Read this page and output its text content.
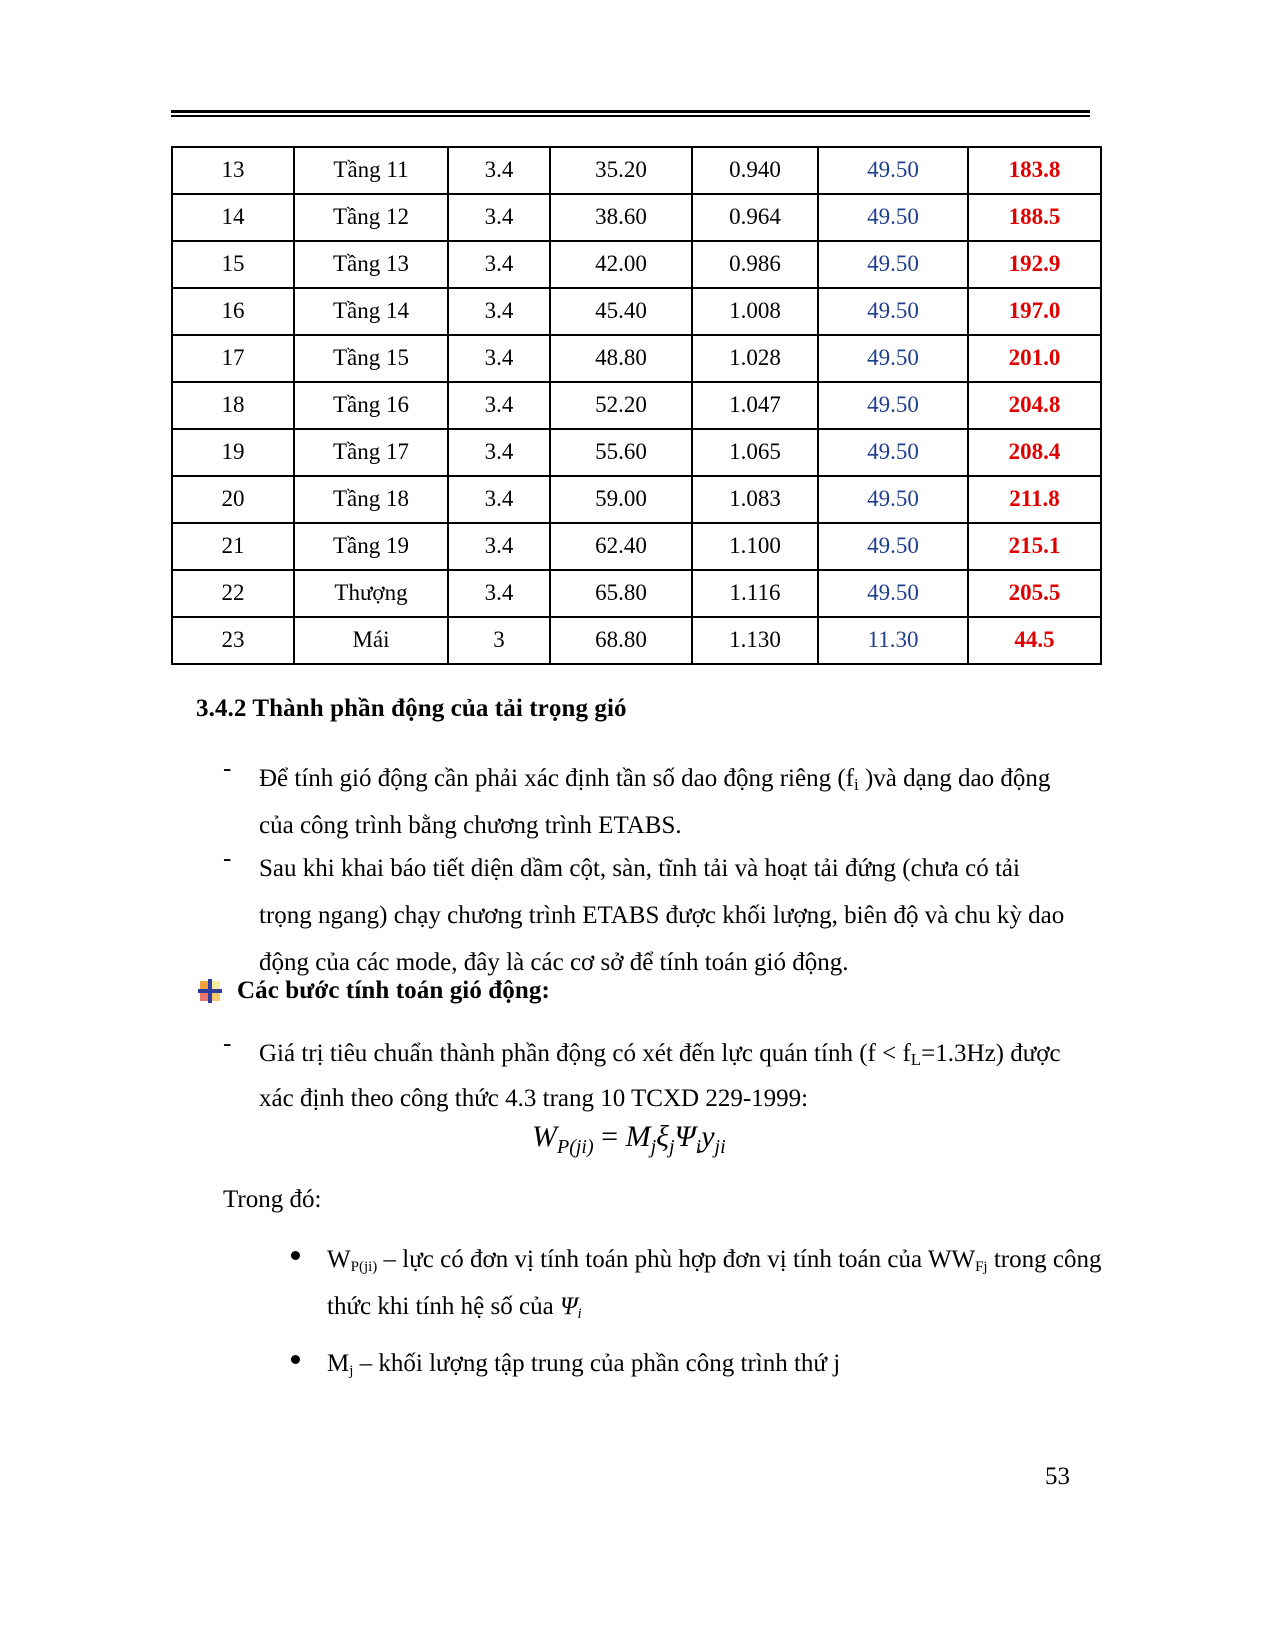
13	Tầng 11	3.4	35.20	0.940	49.50	183.8
14	Tầng 12	3.4	38.60	0.964	49.50	188.5
15	Tầng 13	3.4	42.00	0.986	49.50	192.9
16	Tầng 14	3.4	45.40	1.008	49.50	197.0
17	Tầng 15	3.4	48.80	1.028	49.50	201.0
18	Tầng 16	3.4	52.20	1.047	49.50	204.8
19	Tầng 17	3.4	55.60	1.065	49.50	208.4
20	Tầng 18	3.4	59.00	1.083	49.50	211.8
21	Tầng 19	3.4	62.40	1.100	49.50	215.1
22	Thượng	3.4	65.80	1.116	49.50	205.5
23	Mái	3	68.80	1.130	11.30	44.5
3.4.2 Thành phần động của tải trọng gió
- Để tính gió động cần phải xác định tần số dao động riêng ($f_i$ )và dạng dao động
của công trình bằng chương trình ETABS.
- Sau khi khai báo tiết diện dầm cột, sàn, tĩnh tải và hoạt tải đứng (chưa có tải
trọng ngang) chạy chương trình ETABS được khối lượng, biên độ và chu kỳ dao
động của các mode, đây là các cơ sở để tính toán gió động.
Các bước tính toán gió động:
- Giá trị tiêu chuẩn thành phần động có xét đến lực quán tính $(f < f_L=1.3Hz)$ được
xác định theo công thức 4.3 trang 10 TCXD 229-1999:
$W_{P(ji)} = M_j\xi_j\Psi_iy_{ji}$
Trong đó:
WP(ji) – lực có đơn vị tính toán phù hợp đơn vị tính toán của WWFj trong công
thức khi tính hệ số của Ψi
Mj – khối lượng tập trung của phần công trình thứ j
53
